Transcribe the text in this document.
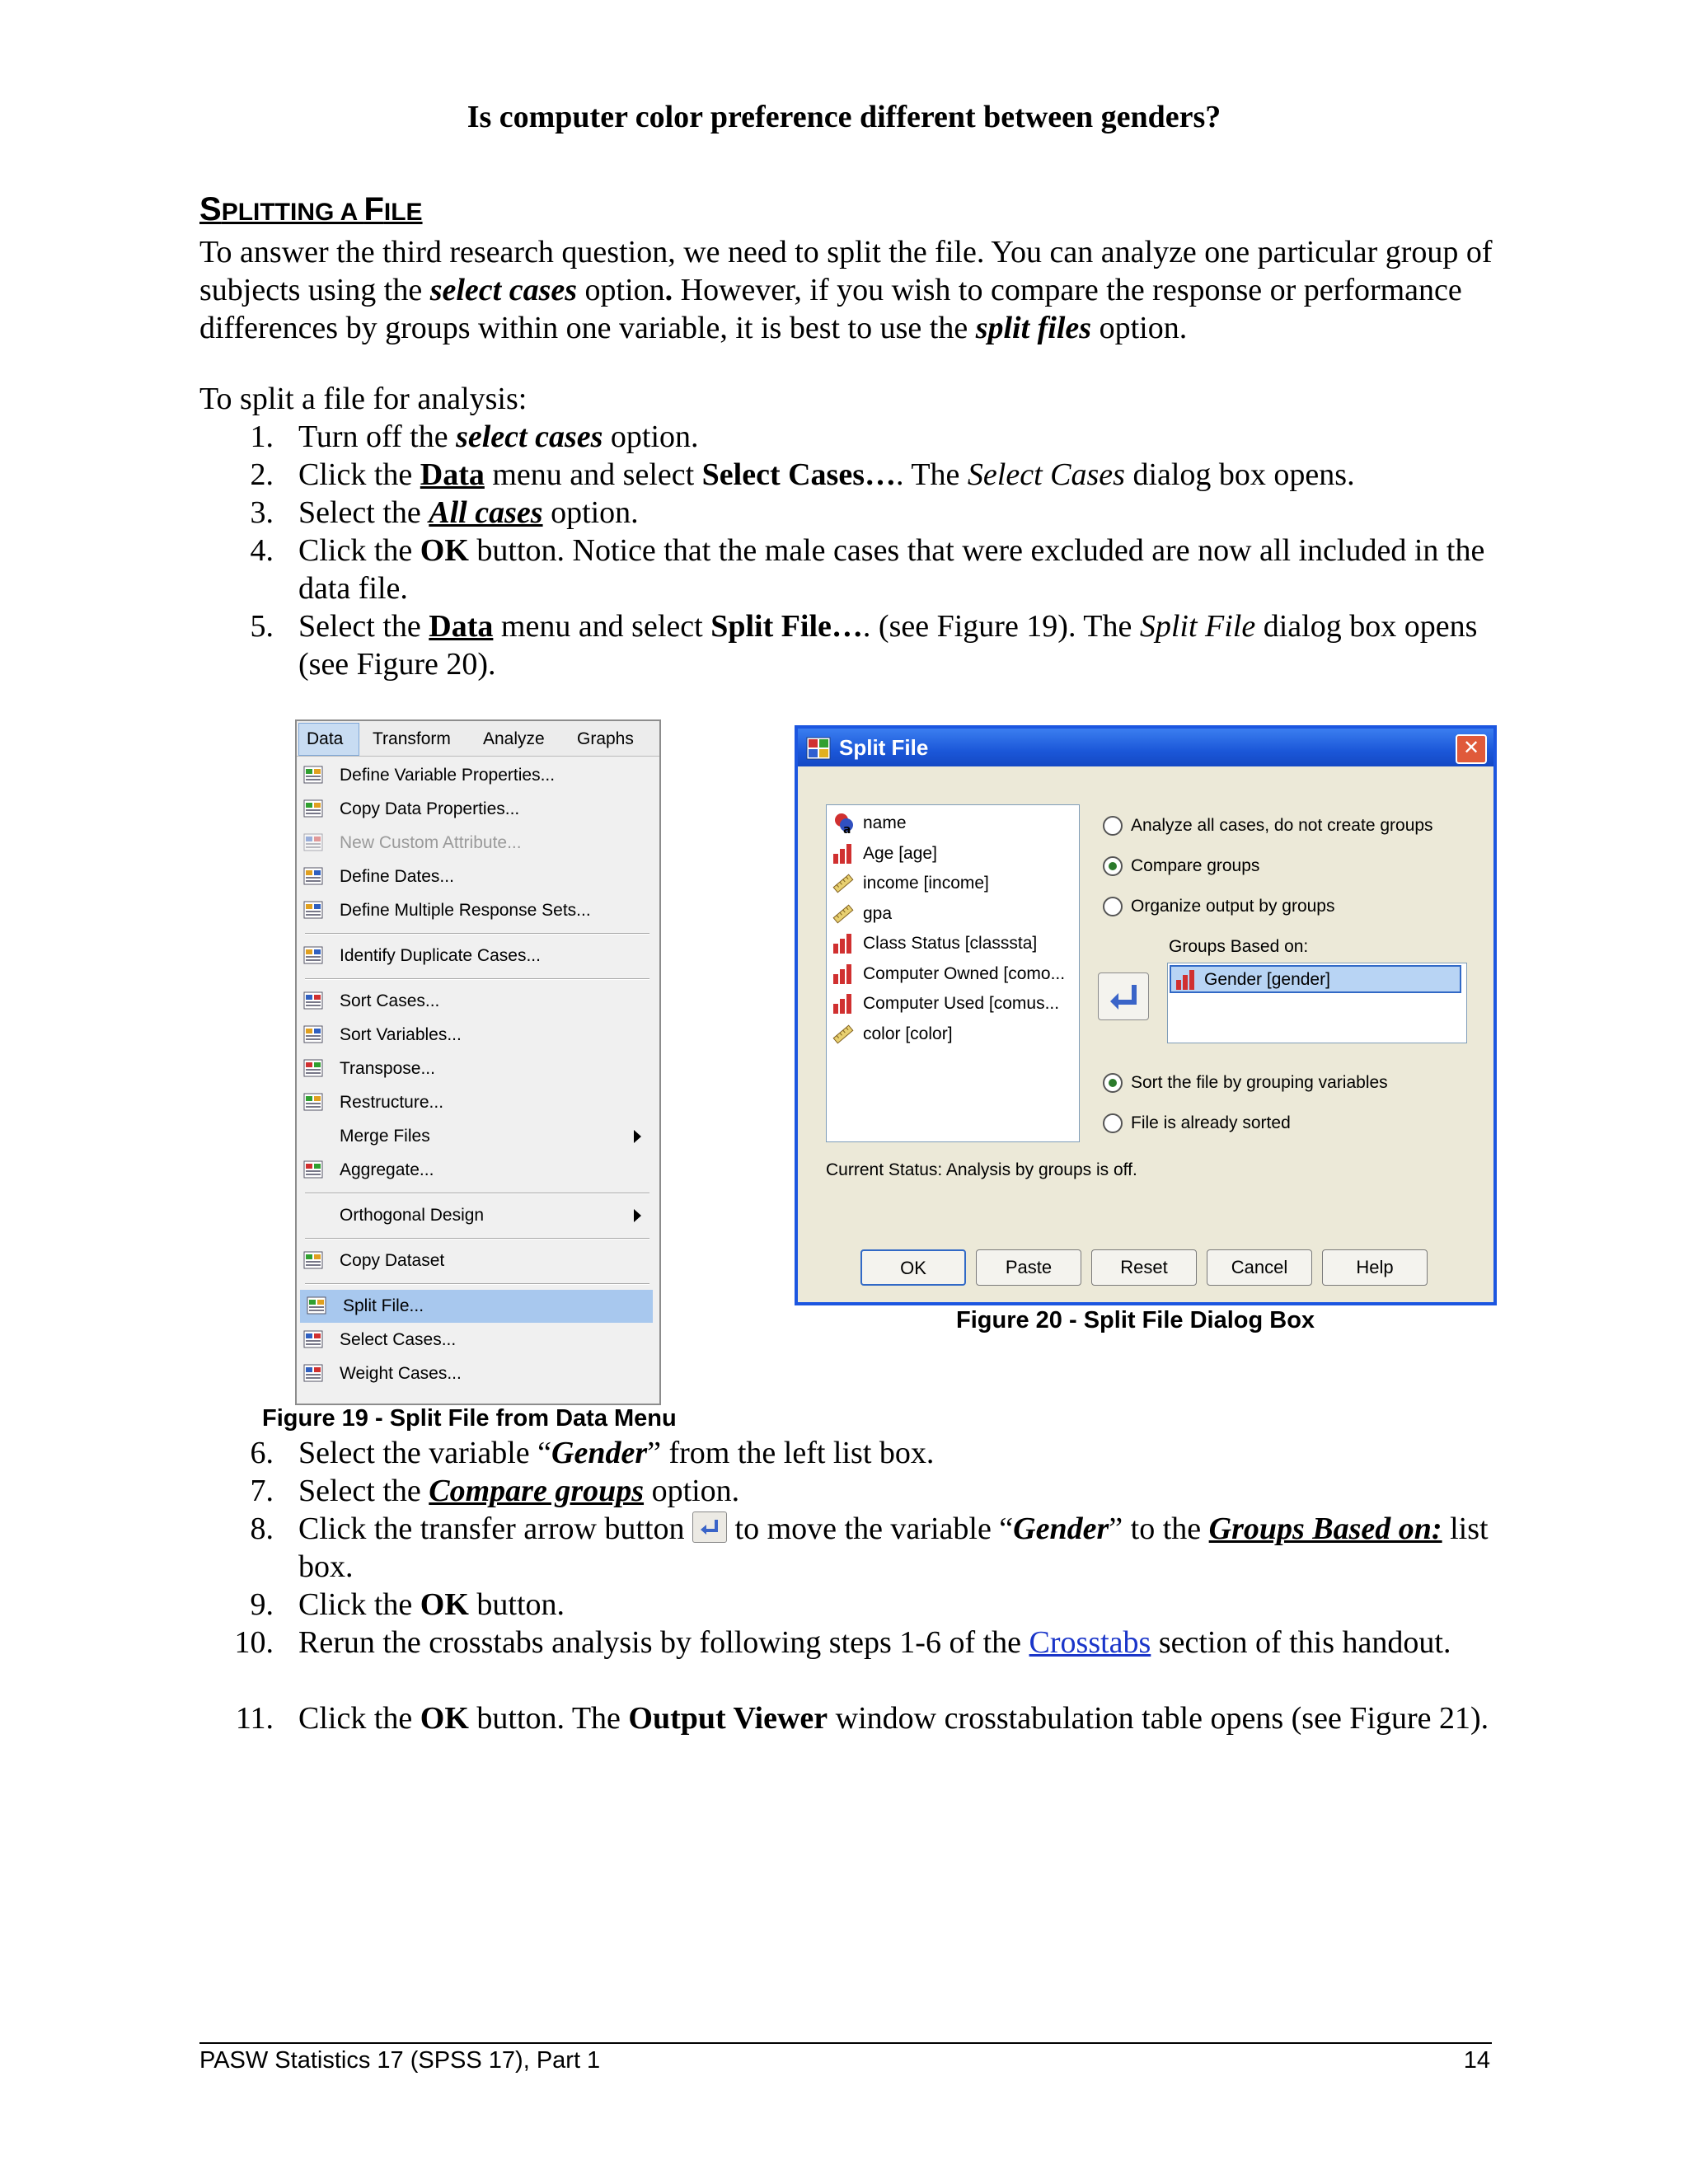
Is computer color preference different between genders?
SPLITTING A FILE
To answer the third research question, we need to split the file. You can analyze one particular group of subjects using the select cases option. However, if you wish to compare the response or performance differences by groups within one variable, it is best to use the split files option.
To split a file for analysis:
1. Turn off the select cases option.
2. Click the Data menu and select Select Cases…. The Select Cases dialog box opens.
3. Select the All cases option.
4. Click the OK button. Notice that the male cases that were excluded are now all included in the data file.
5. Select the Data menu and select Split File…. (see Figure 19). The Split File dialog box opens (see Figure 20).
Data Transform Analyze Graphs
Define Variable Properties...
Copy Data Properties...
New Custom Attribute...
Define Dates...
Define Multiple Response Sets...
Identify Duplicate Cases...
Sort Cases...
Sort Variables...
Transpose...
Restructure...
Merge Files
Aggregate...
Orthogonal Design
Copy Dataset
Split File...
Select Cases...
Weight Cases...
Figure 19 - Split File from Data Menu
Split File	✕
a name
Age [age]
income [income]
gpa
Class Status [classsta]
Computer Owned [como...
Computer Used [comus...
color [color]
Analyze all cases, do not create groups
Compare groups
Organize output by groups
Groups Based on:
Gender [gender]
Sort the file by grouping variables
File is already sorted
Current Status: Analysis by groups is off.
OK	Paste	Reset	Cancel	Help
Figure 20 - Split File Dialog Box
6. Select the variable “Gender” from the left list box.
7. Select the Compare groups option.
8. Click the transfer arrow button  to move the variable “Gender” to the Groups Based on: list box.
9. Click the OK button.
10. Rerun the crosstabs analysis by following steps 1-6 of the Crosstabs section of this handout.
11. Click the OK button. The Output Viewer window crosstabulation table opens (see Figure 21).
PASW Statistics 17 (SPSS 17), Part 1	14
